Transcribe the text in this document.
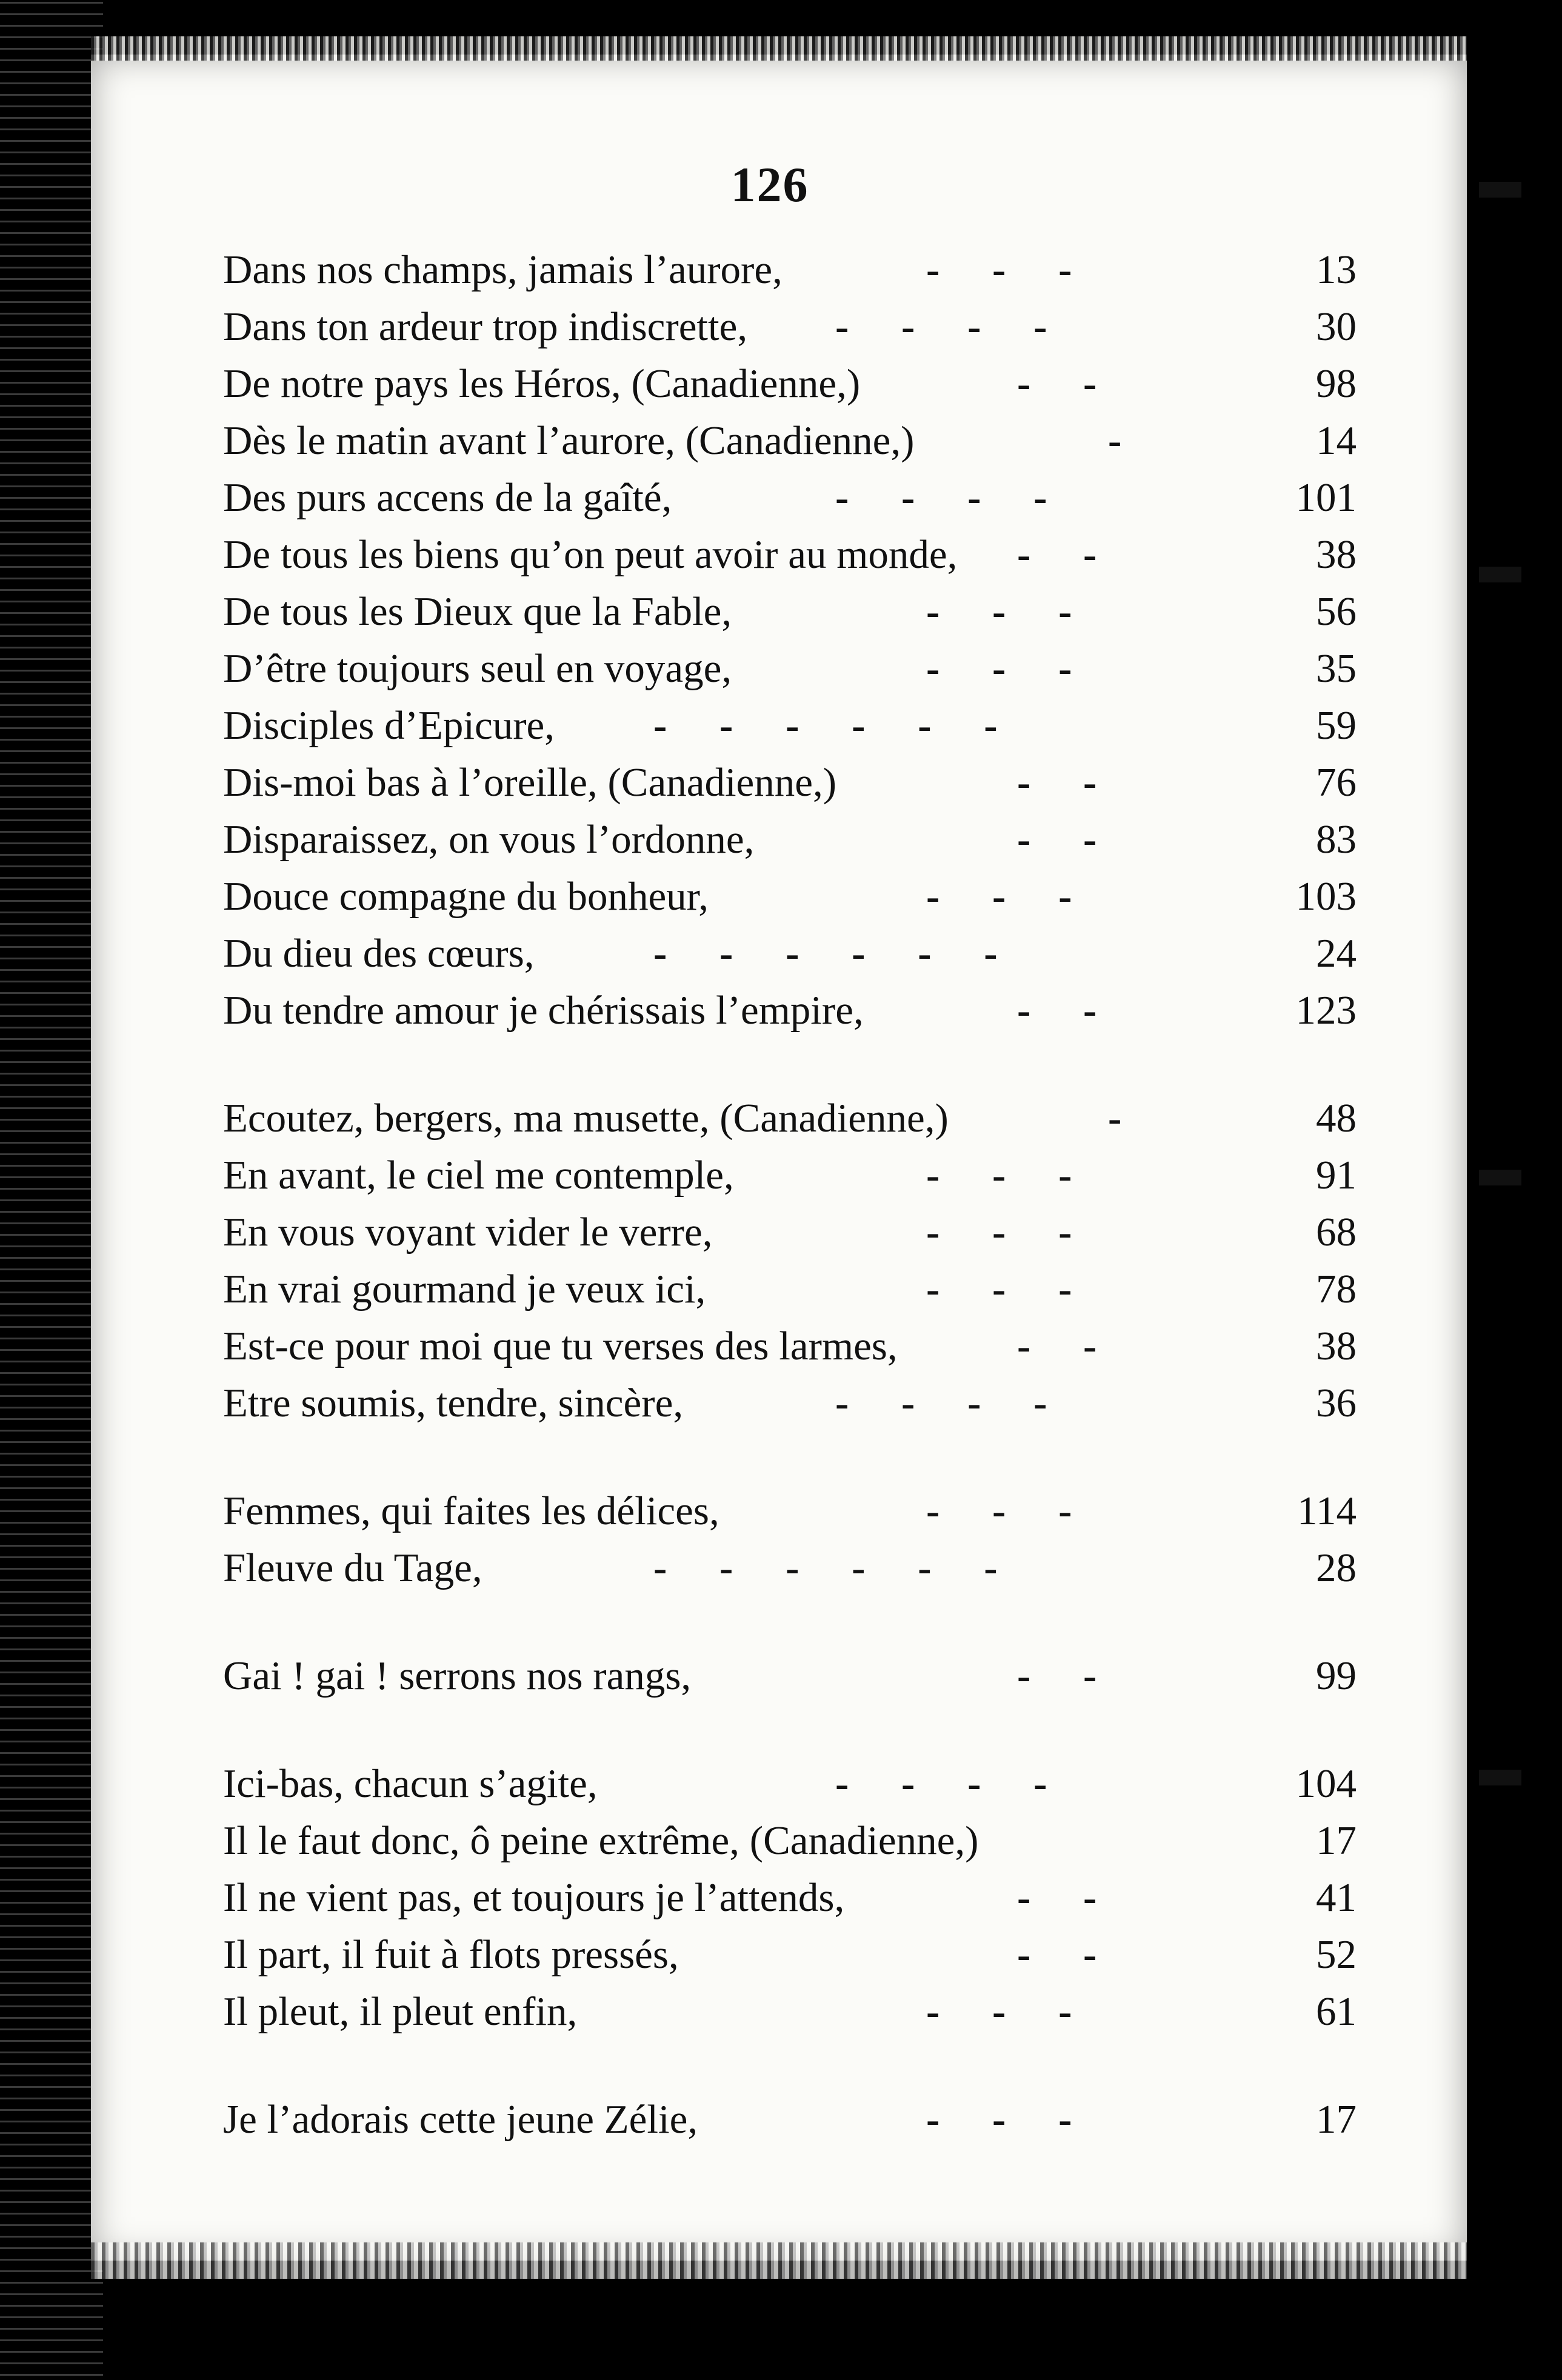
126
Dans nos champs, jamais l’aurore,	- - -	13
Dans ton ardeur trop indiscrette, - - - -	30
De notre pays les Héros, (Canadienne,)	- -	98
Dès le matin avant l’aurore, (Canadienne,)	-	14
Des purs accens de la gaîté,	- - - -	101
De tous les biens qu’on peut avoir au monde, - -	38
De tous les Dieux que la Fable,	- - -	56
D’être toujours seul en voyage,	- - -	35
Disciples d’Epicure, - - - - - -	59
Dis-moi bas à l’oreille, (Canadienne,)	- -	76
Disparaissez, on vous l’ordonne,	- -	83
Douce compagne du bonheur,	- - -	103
Du dieu des cœurs,	- - - - - -	24
Du tendre amour je chérissais l’empire,	- -	123
Ecoutez, bergers, ma musette, (Canadienne,)	-	48
En avant, le ciel me contemple,	- - -	91
En vous voyant vider le verre,	- - -	68
En vrai gourmand je veux ici,	- - -	78
Est-ce pour moi que tu verses des larmes,	- -	38
Etre soumis, tendre, sincère,	- - - -	36
Femmes, qui faites les délices,	- - -	114
Fleuve du Tage,	- - - - - -	28
Gai ! gai ! serrons nos rangs,	- -	99
Ici-bas, chacun s’agite,	- - - -	104
Il le faut donc, ô peine extrême, (Canadienne,)	17
Il ne vient pas, et toujours je l’attends,	- -	41
Il part, il fuit à flots pressés,	- -	52
Il pleut, il pleut enfin,	- - -	61
Je l’adorais cette jeune Zélie,	- - -	17
